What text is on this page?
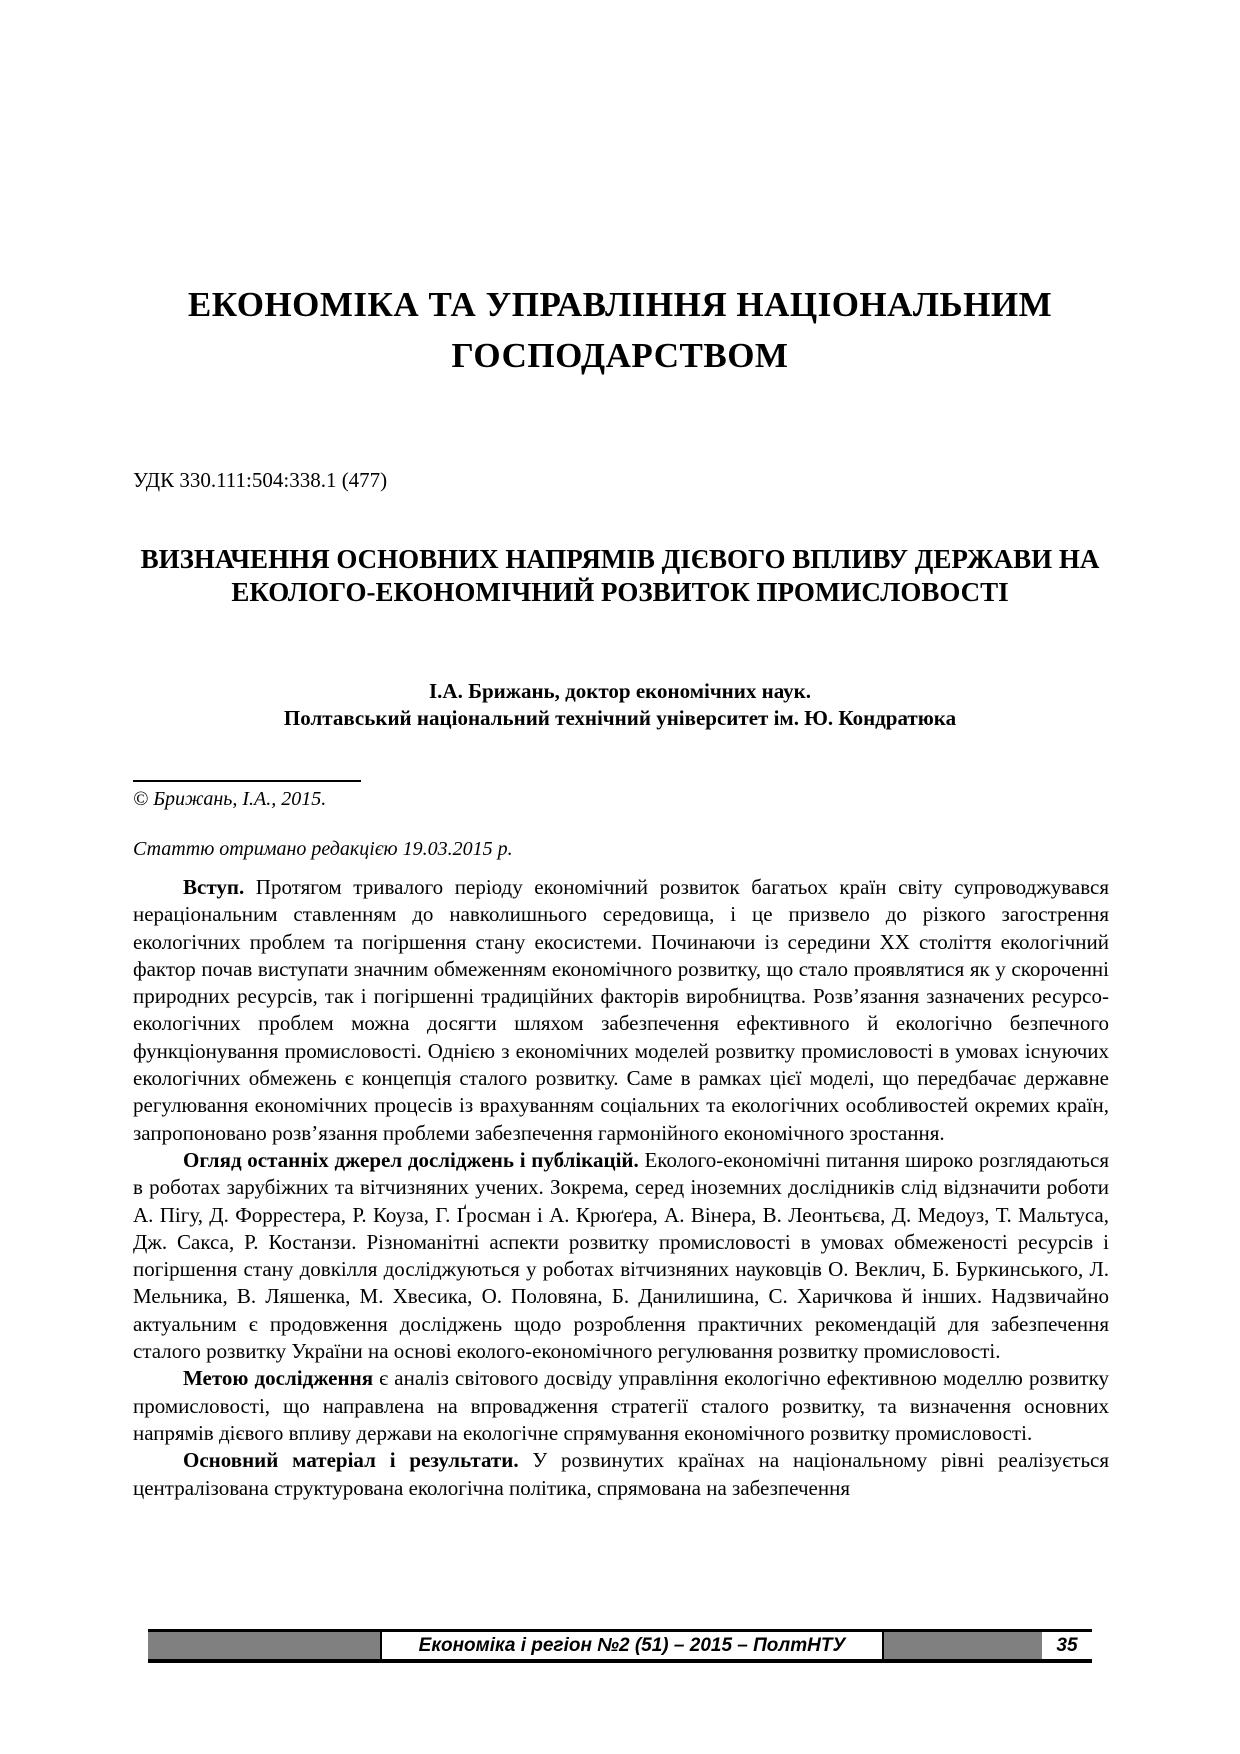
ЕКОНОМІКА ТА УПРАВЛІННЯ НАЦІОНАЛЬНИМ ГОСПОДАРСТВОМ
УДК 330.111:504:338.1 (477)
ВИЗНАЧЕННЯ ОСНОВНИХ НАПРЯМІВ ДІЄВОГО ВПЛИВУ ДЕРЖАВИ НА ЕКОЛОГО-ЕКОНОМІЧНИЙ РОЗВИТОК ПРОМИСЛОВОСТІ
І.А. Брижань, доктор економічних наук.
Полтавський національний технічний університет ім. Ю. Кондратюка
© Брижань, І.А., 2015.
Статтю отримано редакцією 19.03.2015 р.

Вступ. Протягом тривалого періоду економічний розвиток багатьох країн світу супроводжувався нераціональним ставленням до навколишнього середовища, і це призвело до різкого загострення екологічних проблем та погіршення стану екосистеми. Починаючи із середини ХХ століття екологічний фактор почав виступати значним обмеженням економічного розвитку, що стало проявлятися як у скороченні природних ресурсів, так і погіршенні традиційних факторів виробництва. Розв’язання зазначених ресурсо-екологічних проблем можна досягти шляхом забезпечення ефективного й екологічно безпечного функціонування промисловості. Однією з економічних моделей розвитку промисловості в умовах існуючих екологічних обмежень є концепція сталого розвитку. Саме в рамках цієї моделі, що передбачає державне регулювання економічних процесів із врахуванням соціальних та екологічних особливостей окремих країн, запропоновано розв’язання проблеми забезпечення гармонійного економічного зростання.

Огляд останніх джерел досліджень і публікацій. Еколого-економічні питання широко розглядаються в роботах зарубіжних та вітчизняних учених. Зокрема, серед іноземних дослідників слід відзначити роботи А. Пігу, Д. Форрестера, Р. Коуза, Г. Ґросман і А. Крюґера, А. Вінера, В. Леонтьєва, Д. Медоуз, Т. Мальтуса, Дж. Сакса, Р. Костанзи. Різноманітні аспекти розвитку промисловості в умовах обмеженості ресурсів і погіршення стану довкілля досліджуються у роботах вітчизняних науковців О. Веклич, Б. Буркинського, Л. Мельника, В. Ляшенка, М. Хвесика, О. Половяна, Б. Данилишина, С. Харичкова й інших. Надзвичайно актуальним є продовження досліджень щодо розроблення практичних рекомендацій для забезпечення сталого розвитку України на основі еколого-економічного регулювання розвитку промисловості.

Метою дослідження є аналіз світового досвіду управління екологічно ефективною моделлю розвитку промисловості, що направлена на впровадження стратегії сталого розвитку, та визначення основних напрямів дієвого впливу держави на екологічне спрямування економічного розвитку промисловості.

Основний матеріал і результати. У розвинутих країнах на національному рівні реалізується централізована структурована екологічна політика, спрямована на забезпечення

Економіка і регіон №2 (51) – 2015 – ПолтНТУ	35
